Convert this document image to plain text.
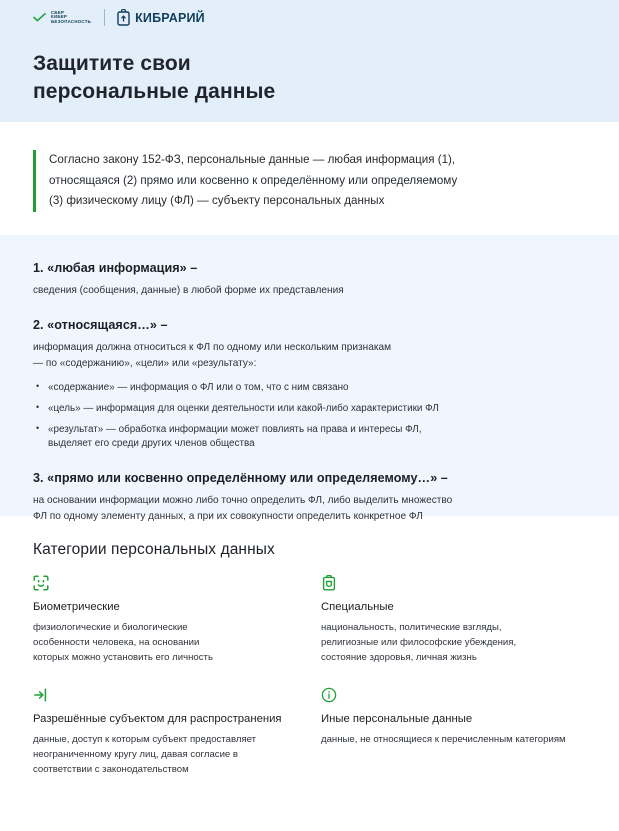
СБЕР
КИБЕР
БЕЗОПАСНОСТЬ	КИБРАРИЙ
Защитите свои
персональные данные
Согласно закону 152-ФЗ, персональные данные — любая информация (1),
относящаяся (2) прямо или косвенно к определённому или определяемому
(3) физическому лицу (ФЛ) — субъекту персональных данных
1. «любая информация» –
сведения (сообщения, данные) в любой форме их представления
2. «относящаяся…» –
информация должна относиться к ФЛ по одному или нескольким признакам
— по «содержанию», «цели» или «результату»:
• «содержание» — информация о ФЛ или о том, что с ним связано
• «цель» — информация для оценки деятельности или какой-либо характеристики ФЛ
• «результат» — обработка информации может повлиять на права и интересы ФЛ,
выделяет его среди других членов общества
3. «прямо или косвенно определённому или определяемому…» –
на основании информации можно либо точно определить ФЛ, либо выделить множество
ФЛ по одному элементу данных, а при их совокупности определить конкретное ФЛ
Категории персональных данных
Биометрические
физиологические и биологические
особенности человека, на основании
которых можно установить его личность
Специальные
национальность, политические взгляды,
религиозные или философские убеждения,
состояние здоровья, личная жизнь
Разрешённые субъектом для распространения
данные, доступ к которым субъект предоставляет
неограниченному кругу лиц, давая согласие в
соответствии с законодательством
Иные персональные данные
данные, не относящиеся к перечисленным категориям
